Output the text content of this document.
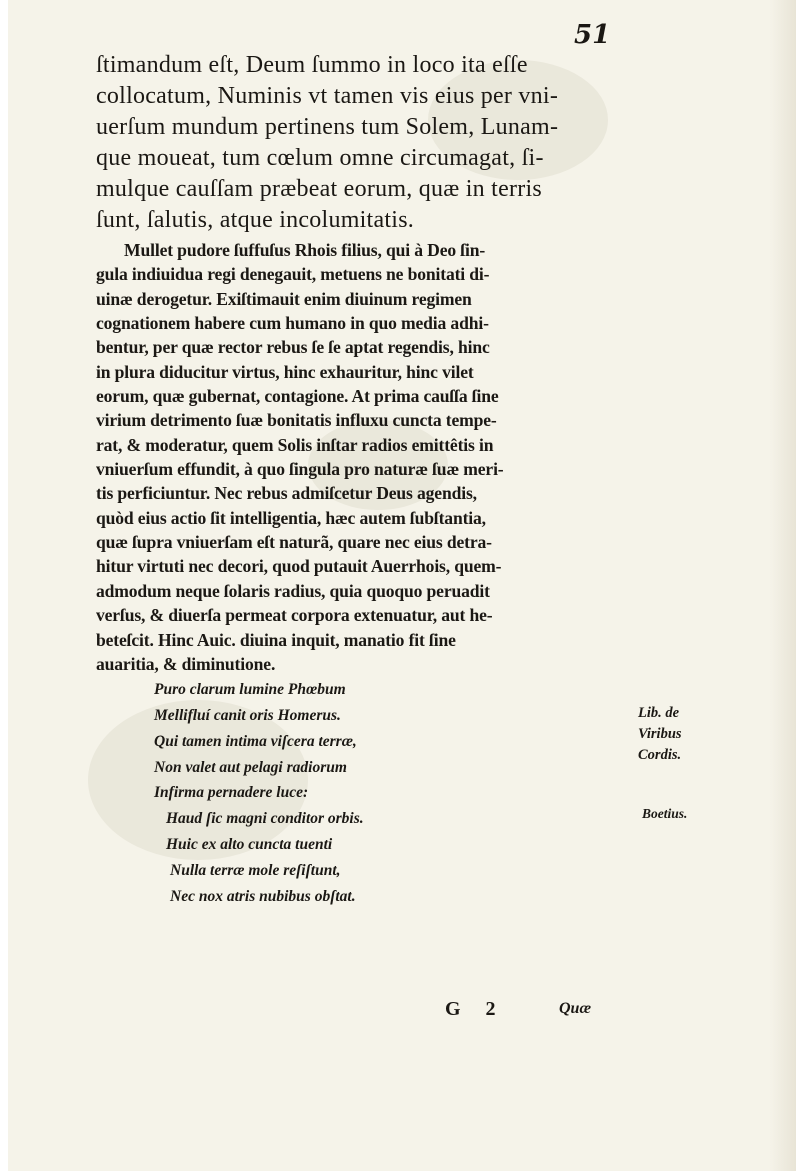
51

ſtimandum eſt, Deum ſummo in loco ita eſſe
collocatum, Numinis vt tamen vis eius per vni-
uerſum mundum pertinens tum Solem, Lunam-
que moueat, tum cœlum omne circumagat, ſi-
mulque cauſſam præbeat eorum, quæ in terris
ſunt, ſalutis, atque incolumitatis.
Mullet pudore ſuffuſus Rhois filius, qui à Deo ſin-
gula indiuidua regi denegauit, metuens ne bonitati di-
uinæ derogetur. Exiſtimauit enim diuinum regimen
cognationem habere cum humano in quo media adhi-
bentur, per quæ rector rebus ſe ſe aptat regendis, hinc
in plura diducitur virtus, hinc exhauritur, hinc vilet
eorum, quæ gubernat, contagione. At prima cauſſa ſine
virium detrimento ſuæ bonitatis influxu cuncta tempe-
rat, & moderatur, quem Solis inſtar radios emittêtis in
vniuerſum effundit, à quo ſingula pro naturæ ſuæ meri-
tis perficiuntur. Nec rebus admiſcetur Deus agendis,
quòd eius actio ſit intelligentia, hæc autem ſubſtantia,
quæ ſupra vniuerſam eſt naturã, quare nec eius detra-
hitur virtuti nec decori, quod putauit Auerrhois, quem-
admodum neque ſolaris radius, quia quoquo peruadit
verſus, & diuerſa permeat corpora extenuatur, aut he-
beteſcit. Hinc Auic. diuina inquit, manatio fit ſine
auaritia, & diminutione.
Puro clarum lumine Phœbum
Mellifluí canit oris Homerus.
Qui tamen intima viſcera terræ,
Non valet aut pelagi radiorum
Infirma pernadere luce:
Haud ſic magni conditor orbis.
Huic ex alto cuncta tuenti
Nulla terræ mole reſiſtunt,
Nec nox atris nubibus obſtat.
Lib. de
Viribus
Cordis.
Boetius.
G 2	Quæ
